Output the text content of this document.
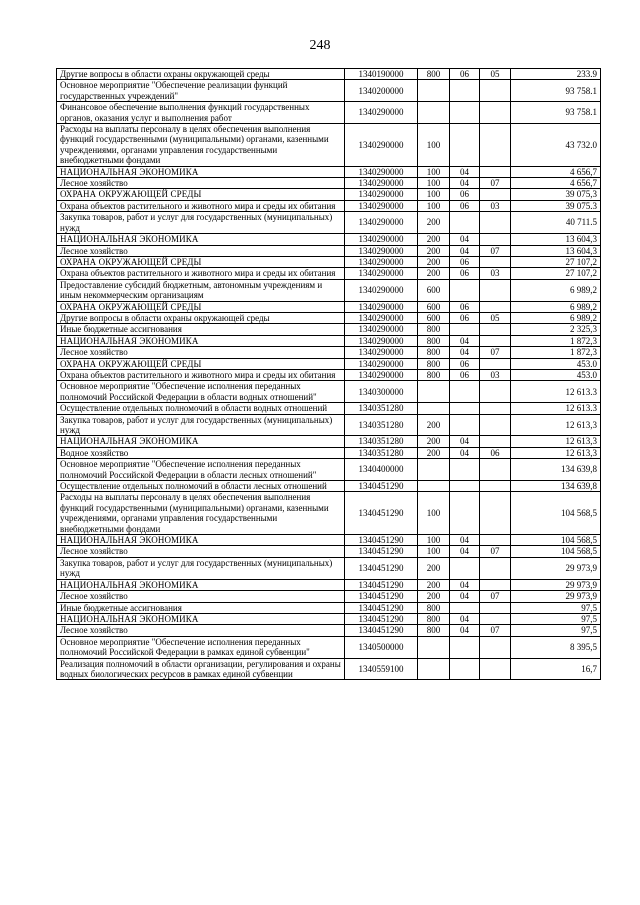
248
Другие вопросы в области охраны окружающей среды	1340190000	800	06	05	233.9
Основное мероприятие "Обеспечение реализации функций государственных учреждений"	1340200000				93 758.1
Финансовое обеспечение выполнения функций государственных органов, оказания услуг и выполнения работ	1340290000				93 758.1
Расходы на выплаты персоналу в целях обеспечения выполнения функций государственными (муниципальными) органами, казенными учреждениями, органами управления государственными внебюджетными фондами	1340290000	100			43 732.0
НАЦИОНАЛЬНАЯ ЭКОНОМИКА	1340290000	100	04		4 656,7
Лесное хозяйство	1340290000	100	04	07	4 656,7
ОХРАНА ОКРУЖАЮЩЕЙ СРЕДЫ	1340290000	100	06		39 075,3
Охрана объектов растительного и животного мира и среды их обитания	1340290000	100	06	03	39 075.3
Закупка товаров, работ и услуг для государственных (муниципальных) нужд	1340290000	200			40 711.5
НАЦИОНАЛЬНАЯ ЭКОНОМИКА	1340290000	200	04		13 604,3
Лесное хозяйство	1340290000	200	04	07	13 604,3
ОХРАНА ОКРУЖАЮЩЕЙ СРЕДЫ	1340290000	200	06		27 107,2
Охрана объектов растительного и животного мира и среды их обитания	1340290000	200	06	03	27 107,2
Предоставление субсидий бюджетным, автономным учреждениям и иным некоммерческим организациям	1340290000	600			6 989,2
ОХРАНА ОКРУЖАЮЩЕЙ СРЕДЫ	1340290000	600	06		6 989,2
Другие вопросы в области охраны окружающей среды	1340290000	600	06	05	6 989,2
Иные бюджетные ассигнования	1340290000	800			2 325,3
НАЦИОНАЛЬНАЯ ЭКОНОМИКА	1340290000	800	04		1 872,3
Лесное хозяйство	1340290000	800	04	07	1 872,3
ОХРАНА ОКРУЖАЮЩЕЙ СРЕДЫ	1340290000	800	06		453.0
Охрана объектов растительного и животного мира и среды их обитания	1340290000	800	06	03	453.0
Основное мероприятие "Обеспечение исполнения переданных полномочий Российской Федерации в области водных отношений"	1340300000				12 613.3
Осуществление отдельных полномочий в области водных отношений	1340351280				12 613.3
Закупка товаров, работ и услуг для государственных (муниципальных) нужд	1340351280	200			12 613,3
НАЦИОНАЛЬНАЯ ЭКОНОМИКА	1340351280	200	04		12 613,3
Водное хозяйство	1340351280	200	04	06	12 613,3
Основное мероприятие "Обеспечение исполнения переданных полномочий Российской Федерации в области лесных отношений"	1340400000				134 639,8
Осуществление отдельных полномочий в области лесных отношений	1340451290				134 639,8
Расходы на выплаты персоналу в целях обеспечения выполнения функций государственными (муниципальными) органами, казенными учреждениями, органами управления государственными внебюджетными фондами	1340451290	100			104 568,5
НАЦИОНАЛЬНАЯ ЭКОНОМИКА	1340451290	100	04		104 568,5
Лесное хозяйство	1340451290	100	04	07	104 568,5
Закупка товаров, работ и услуг для государственных (муниципальных) нужд	1340451290	200			29 973,9
НАЦИОНАЛЬНАЯ ЭКОНОМИКА	1340451290	200	04		29 973,9
Лесное хозяйство	1340451290	200	04	07	29 973,9
Иные бюджетные ассигнования	1340451290	800			97,5
НАЦИОНАЛЬНАЯ ЭКОНОМИКА	1340451290	800	04		97,5
Лесное хозяйство	1340451290	800	04	07	97,5
Основное мероприятие "Обеспечение исполнения переданных полномочий Российской Федерации в рамках единой субвенции"	1340500000				8 395,5
Реализация полномочий в области организации, регулирования и охраны водных биологических ресурсов в рамках единой субвенции	1340559100				16,7
